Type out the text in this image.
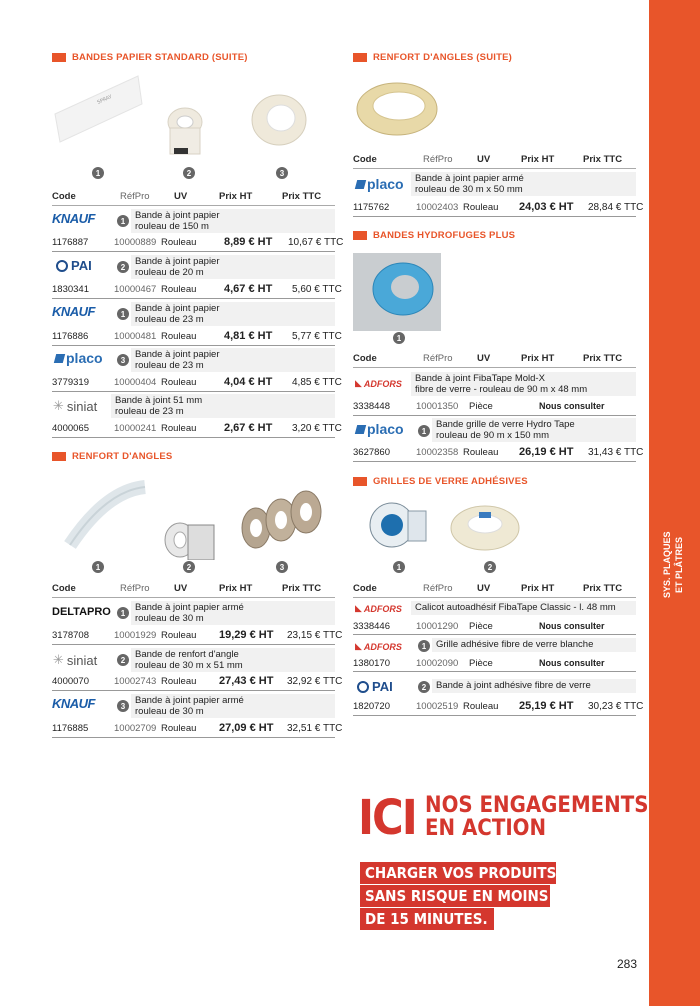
SYS. PLAQUES ET PLÂTRES
BANDES PAPIER STANDARD (SUITE)
SPRAY
1	2	3
Code	RéfPro	UV	Prix HT	Prix TTC
KNAUF	1 Bande à joint papier
rouleau de 150 m
1176887	10000889 Rouleau	8,89 € HT 10,67 € TTC
PAI	2 Bande à joint papier
rouleau de 20 m
1830341	10000467 Rouleau	4,67 € HT 5,60 € TTC
KNAUF	1 Bande à joint papier
rouleau de 23 m
1176886	10000481 Rouleau	4,81 € HT 5,77 € TTC
placo 3 Bande à joint papier
rouleau de 23 m
3779319	10000404 Rouleau	4,04 € HT 4,85 € TTC
✳ siniat Bande à joint 51 mm
rouleau de 23 m
4000065	10000241 Rouleau	2,67 € HT 3,20 € TTC
RENFORT D'ANGLES
1	2	3
Code	RéfPro	UV	Prix HT	Prix TTC
DELTAPRO 1 Bande à joint papier armé
rouleau de 30 m
3178708	10001929 Rouleau 19,29 € HT 23,15 € TTC
✳ siniat	2 Bande de renfort d'angle
rouleau de 30 m x 51 mm
4000070	10002743 Rouleau 27,43 € HT 32,92 € TTC
KNAUF	3 Bande à joint papier armé
rouleau de 30 m
1176885	10002709 Rouleau 27,09 € HT 32,51 € TTC
RENFORT D'ANGLES (SUITE)
Code	RéfPro	UV	Prix HT	Prix TTC
placo Bande à joint papier armé
rouleau de 30 m x 50 mm
1175762	10002403 Rouleau 24,03 € HT 28,84 € TTC
BANDES HYDROFUGES PLUS
1
Code	RéfPro	UV	Prix HT	Prix TTC
◣ ADFORS Bande à joint FibaTape Mold-X
fibre de verre - rouleau de 90 m x 48 mm
3338448	10001350 Pièce	Nous consulter
placo 1
Bande grille de verre Hydro Tape
rouleau de 90 m x 150 mm
3627860	10002358 Rouleau 26,19 € HT 31,43 € TTC
GRILLES DE VERRE ADHÉSIVES
1	2
Code	RéfPro	UV	Prix HT	Prix TTC
◣ ADFORS Calicot autoadhésif FibaTape Classic - l. 48 mm
3338446	10001290 Pièce	Nous consulter
◣ ADFORS 1 Grille adhésive fibre de verre blanche
1380170	10002090 Pièce	Nous consulter
PAI	2 Bande à joint adhésive fibre de verre
1820720	10002519 Rouleau 25,19 € HT 30,23 € TTC
ICI NOS ENGAGEMENTS
EN ACTION
CHARGER VOS PRODUITS
SANS RISQUE EN MOINS
DE 15 MINUTES.
283
